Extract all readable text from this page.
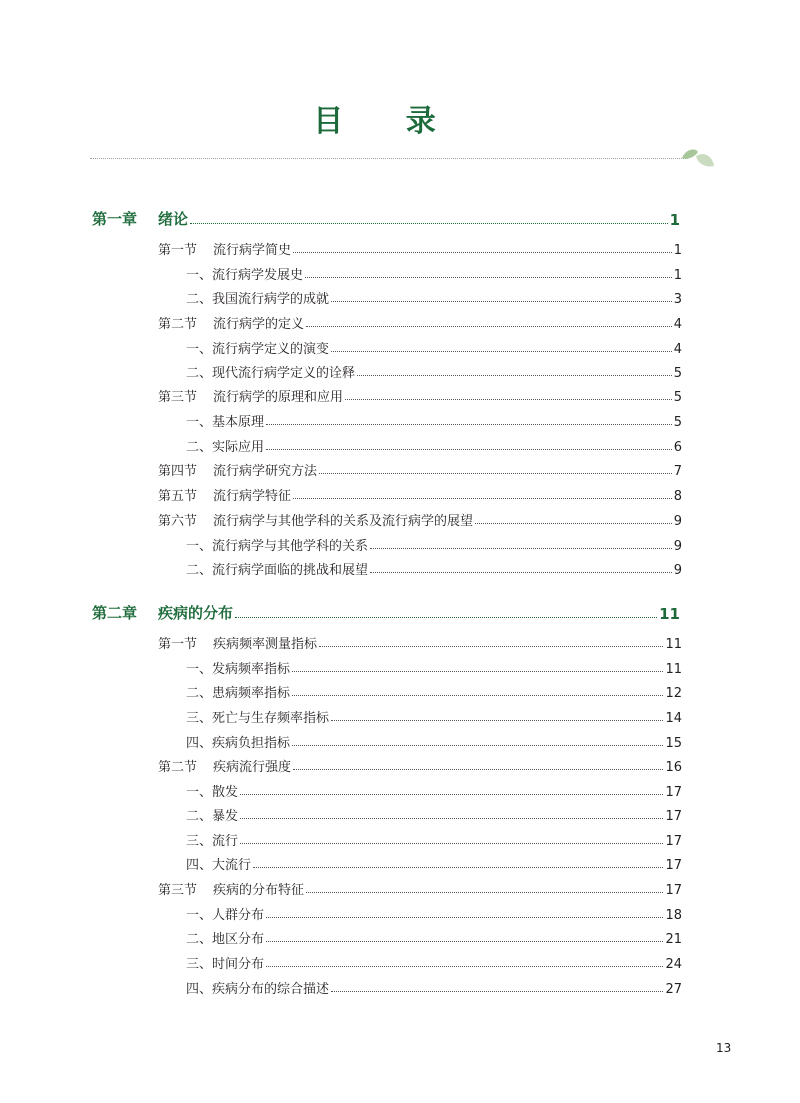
目 录
第一章 绪论	1
第一节 流行病学简史	1
一、流行病学发展史	1
二、我国流行病学的成就	3
第二节 流行病学的定义	4
一、流行病学定义的演变	4
二、现代流行病学定义的诠释	5
第三节 流行病学的原理和应用	5
一、基本原理	5
二、实际应用	6
第四节 流行病学研究方法	7
第五节 流行病学特征	8
第六节 流行病学与其他学科的关系及流行病学的展望	9
一、流行病学与其他学科的关系	9
二、流行病学面临的挑战和展望	9
第二章 疾病的分布	11
第一节 疾病频率测量指标	11
一、发病频率指标	11
二、患病频率指标	12
三、死亡与生存频率指标	14
四、疾病负担指标	15
第二节 疾病流行强度	16
一、散发	17
二、暴发	17
三、流行	17
四、大流行	17
第三节 疾病的分布特征	17
一、人群分布	18
二、地区分布	21
三、时间分布	24
四、疾病分布的综合描述	27
13
